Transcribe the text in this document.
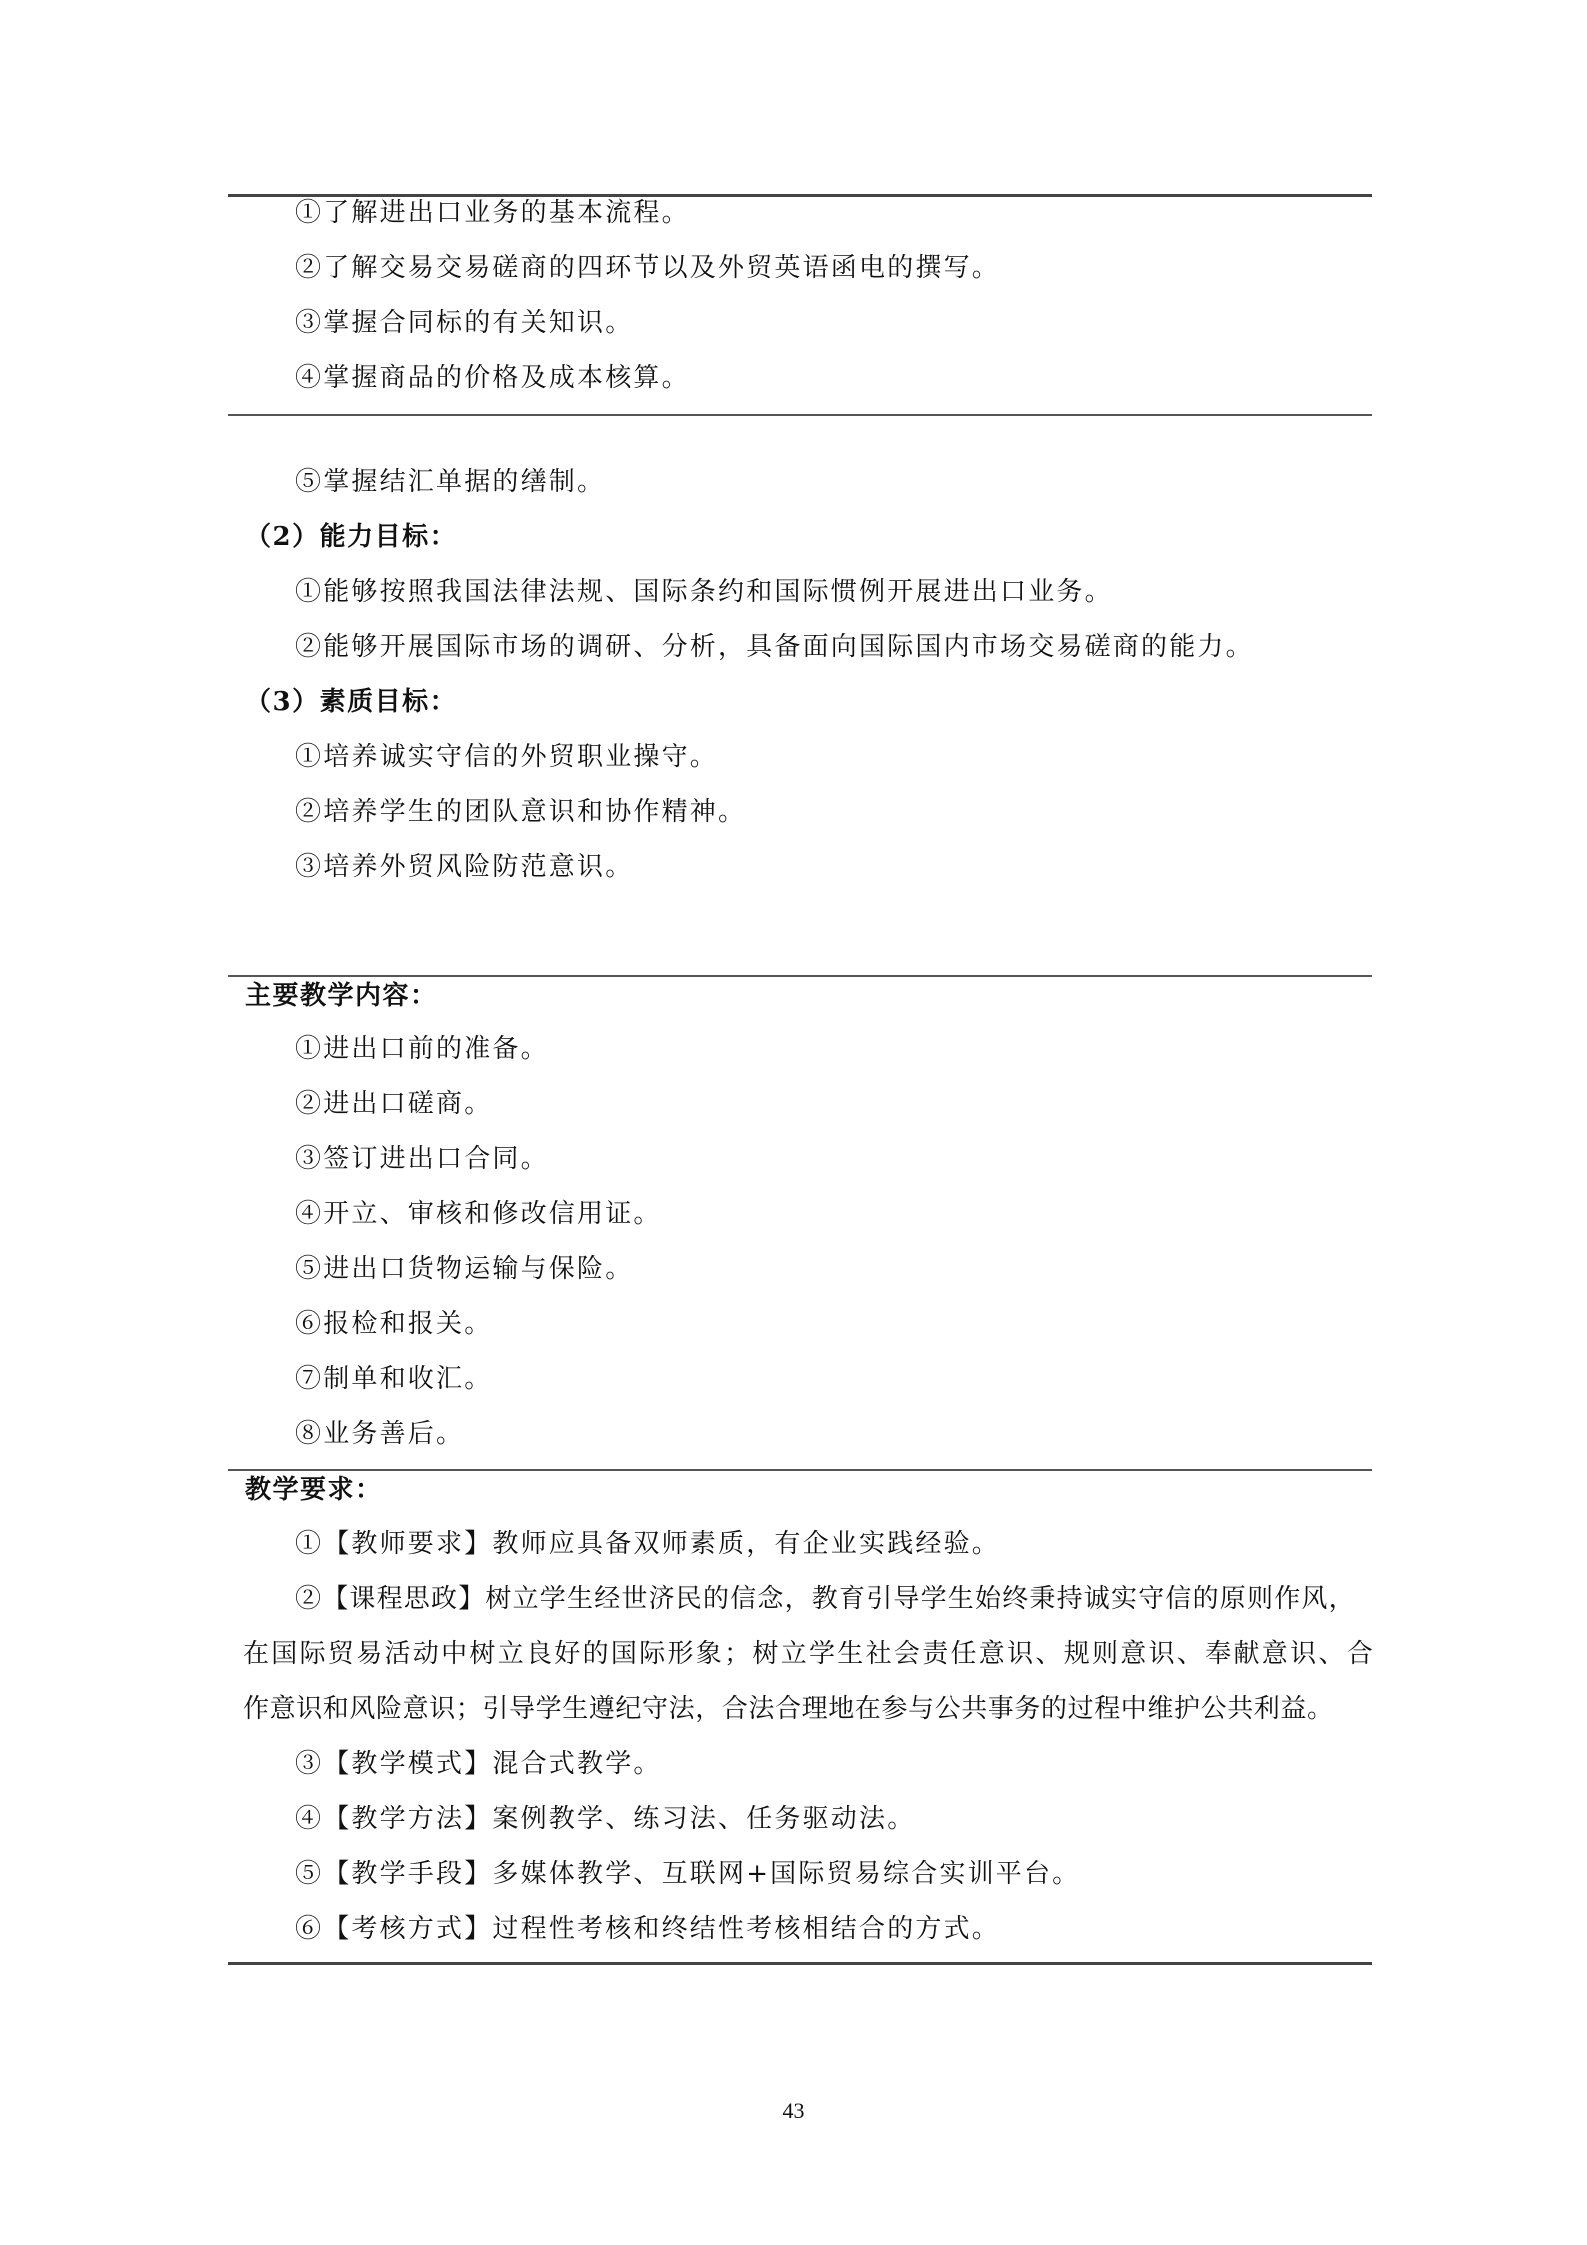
①了解进出口业务的基本流程。
②了解交易交易磋商的四环节以及外贸英语函电的撰写。
③掌握合同标的有关知识。
④掌握商品的价格及成本核算。
⑤掌握结汇单据的缮制。
（2）能力目标：
①能够按照我国法律法规、国际条约和国际惯例开展进出口业务。
②能够开展国际市场的调研、分析，具备面向国际国内市场交易磋商的能力。
（3）素质目标：
①培养诚实守信的外贸职业操守。
②培养学生的团队意识和协作精神。
③培养外贸风险防范意识。
主要教学内容：
①进出口前的准备。
②进出口磋商。
③签订进出口合同。
④开立、审核和修改信用证。
⑤进出口货物运输与保险。
⑥报检和报关。
⑦制单和收汇。
⑧业务善后。
教学要求：
①【教师要求】教师应具备双师素质，有企业实践经验。
②【课程思政】树立学生经世济民的信念，教育引导学生始终秉持诚实守信的原则作风，
在国际贸易活动中树立良好的国际形象；树立学生社会责任意识、规则意识、奉献意识、合
作意识和风险意识；引导学生遵纪守法，合法合理地在参与公共事务的过程中维护公共利益。
③【教学模式】混合式教学。
④【教学方法】案例教学、练习法、任务驱动法。
⑤【教学手段】多媒体教学、互联网+国际贸易综合实训平台。
⑥【考核方式】过程性考核和终结性考核相结合的方式。
43
